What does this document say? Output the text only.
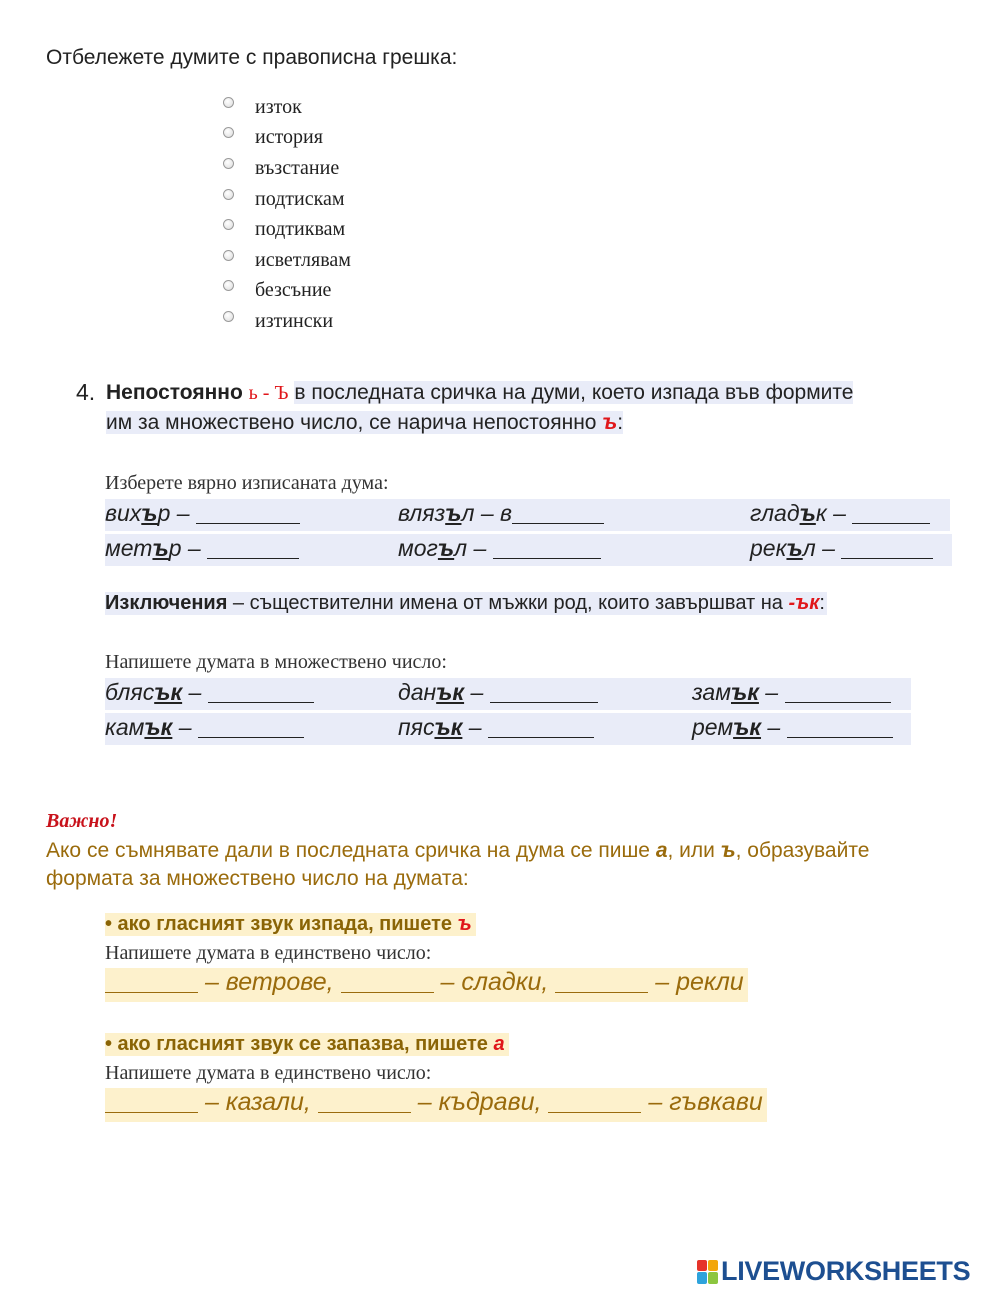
Отбележете думите с правописна грешка:
изток
история
възстание
подтискам
подтиквам
исветлявам
безсъние
изтински
4. Непостоянно ь - Ъ в последната сричка на думи, което изпада във формите
им за множествено число, се нарича непостоянно ъ:
Изберете вярно изписаната дума:
вихър –	влязъл – в	гладък –
метър –	могъл –	рекъл –
Изключения – съществителни имена от мъжки род, които завършват на -ък:
Напишете думата в множествено число:
блясък –	данък –	замък –
камък –	пясък –	ремък –
Важно!
Ако се съмнявате дали в последната сричка на дума се пише а, или ъ, образувайте
формата за множествено число на думата:
• ако гласният звук изпада, пишете ъ
Напишете думата в единствено число:
– ветрове,	– сладки,	– рекли
• ако гласният звук се запазва, пишете а
Напишете думата в единствено число:
– казали,	– къдрави,	– гъвкави
LIVEWORKSHEETS
